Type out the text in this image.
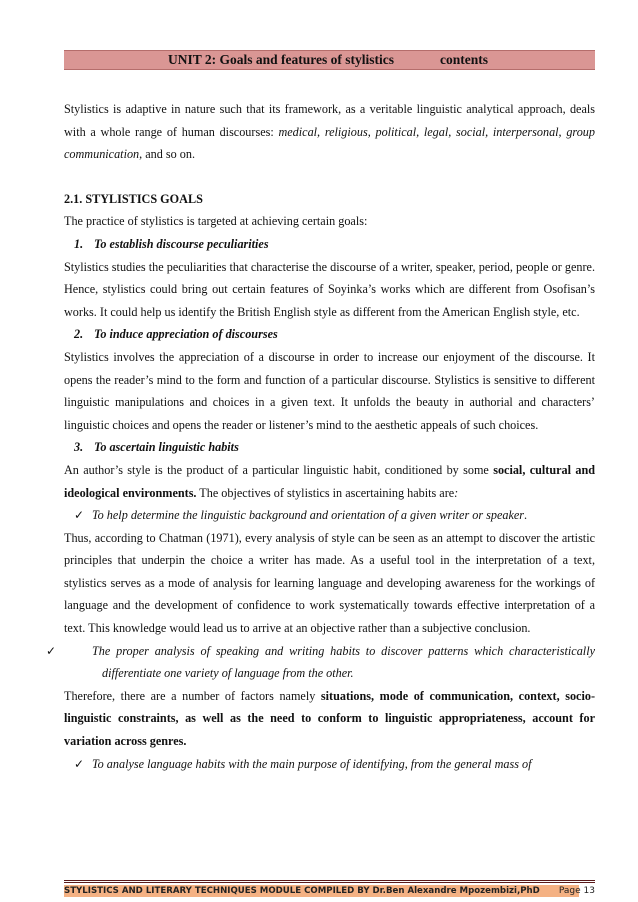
UNIT 2: Goals and features of stylistics	contents

Stylistics is adaptive in nature such that its framework, as a veritable linguistic analytical approach, deals with a whole range of human discourses: medical, religious, political, legal, social, interpersonal, group communication, and so on.

2.1. STYLISTICS GOALS

The practice of stylistics is targeted at achieving certain goals:

1. To establish discourse peculiarities

Stylistics studies the peculiarities that characterise the discourse of a writer, speaker, period, people or genre. Hence, stylistics could bring out certain features of Soyinka’s works which are different from Osofisan’s works. It could help us identify the British English style as different from the American English style, etc.

2. To induce appreciation of discourses

Stylistics involves the appreciation of a discourse in order to increase our enjoyment of the discourse. It opens the reader’s mind to the form and function of a particular discourse. Stylistics is sensitive to different linguistic manipulations and choices in a given text. It unfolds the beauty in authorial and characters’ linguistic choices and opens the reader or listener’s mind to the aesthetic appeals of such choices.

3. To ascertain linguistic habits

An author’s style is the product of a particular linguistic habit, conditioned by some social, cultural and ideological environments. The objectives of stylistics in ascertaining habits are:

✓ To help determine the linguistic background and orientation of a given writer or speaker.

Thus, according to Chatman (1971), every analysis of style can be seen as an attempt to discover the artistic principles that underpin the choice a writer has made. As a useful tool in the interpretation of a text, stylistics serves as a mode of analysis for learning language and developing awareness for the workings of language and the development of confidence to work systematically towards effective interpretation of a text. This knowledge would lead us to arrive at an objective rather than a subjective conclusion.

✓	The proper analysis of speaking and writing habits to discover patterns which characteristically differentiate one variety of language from the other.

Therefore, there are a number of factors namely situations, mode of communication, context, socio-linguistic constraints, as well as the need to conform to linguistic appropriateness, account for variation across genres.

✓ To analyse language habits with the main purpose of identifying, from the general mass of

STYLISTICS AND LITERARY TECHNIQUES MODULE COMPILED BY Dr.Ben Alexandre Mpozembizi,PhD	Page 13
